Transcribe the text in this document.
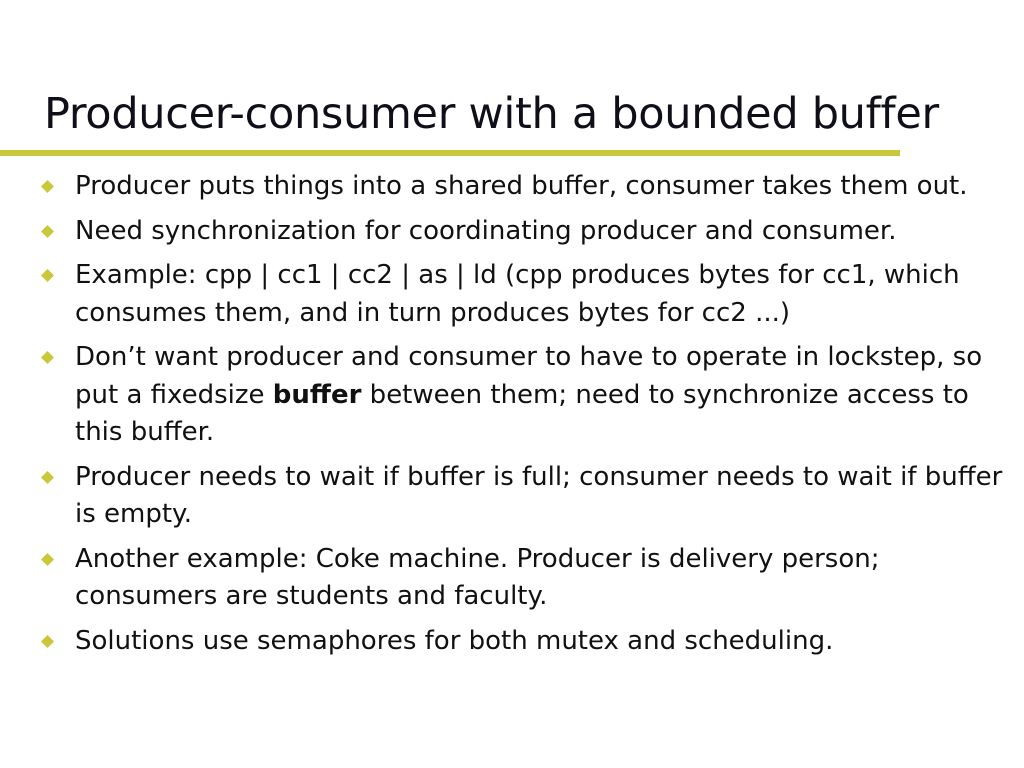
Producer-consumer with a bounded buffer
Producer puts things into a shared buffer, consumer takes them out.
Need synchronization for coordinating producer and consumer.
Example: cpp | cc1 | cc2 | as | ld (cpp produces bytes for cc1, which consumes them, and in turn produces bytes for cc2 ...)
Don’t want producer and consumer to have to operate in lockstep, so put a fixedsize buffer between them; need to synchronize access to this buffer.
Producer needs to wait if buffer is full; consumer needs to wait if buffer is empty.
Another example: Coke machine. Producer is delivery person; consumers are students and faculty.
Solutions use semaphores for both mutex and scheduling.
